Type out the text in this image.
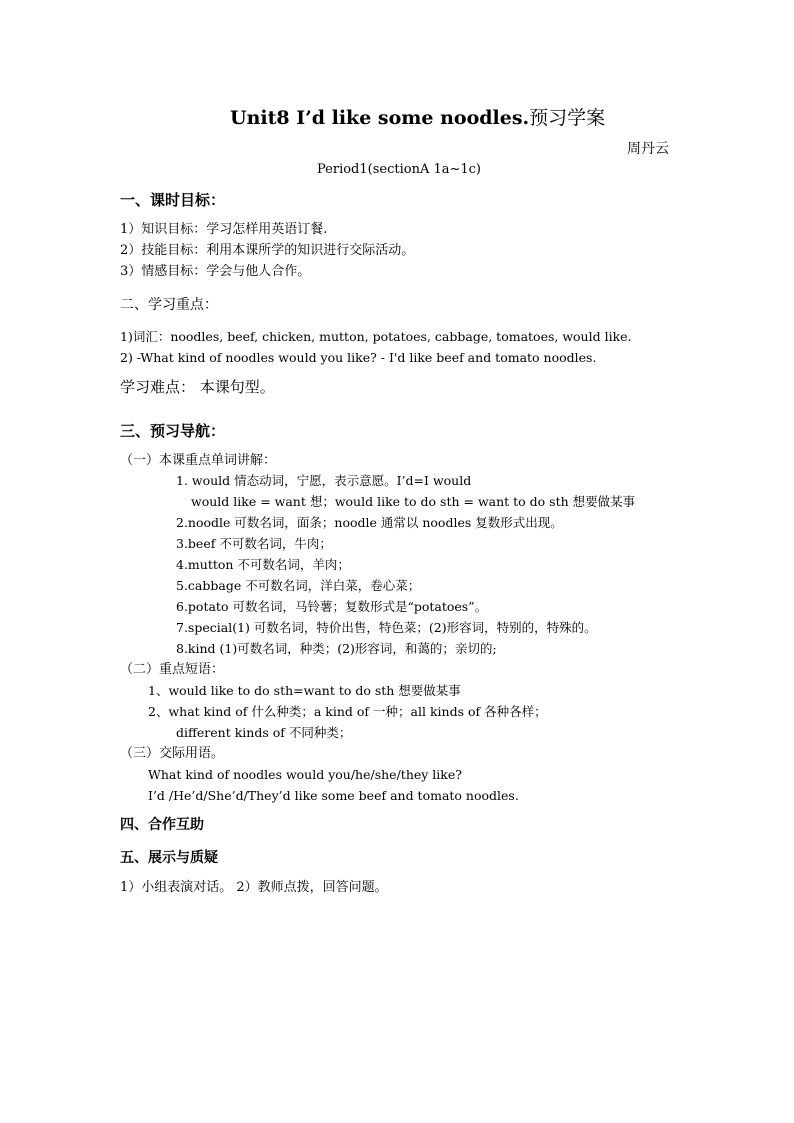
Unit8 I’d like some noodles.预习学案
周丹云
Period1(sectionA 1a~1c)
一、课时目标：
1）知识目标：学习怎样用英语订餐.
2）技能目标：利用本课所学的知识进行交际活动。
3）情感目标：学会与他人合作。
二、学习重点：
1)词汇：noodles, beef, chicken, mutton, potatoes, cabbage, tomatoes, would like.
2) -What kind of noodles would you like? - I'd like beef and tomato noodles.
学习难点： 本课句型。
三、预习导航：
（一）本课重点单词讲解：
1. would 情态动词，宁愿，表示意愿。I’d=I would
would like = want 想；would like to do sth = want to do sth 想要做某事
2.noodle 可数名词，面条；noodle 通常以 noodles 复数形式出现。
3.beef 不可数名词，牛肉；
4.mutton 不可数名词，羊肉；
5.cabbage 不可数名词，洋白菜，卷心菜；
6.potato 可数名词，马铃薯；复数形式是“potatoes”。
7.special(1) 可数名词，特价出售，特色菜；(2)形容词，特别的，特殊的。
8.kind (1)可数名词，种类；(2)形容词，和蔼的；亲切的;
（二）重点短语：
1、would like to do sth=want to do sth 想要做某事
2、what kind of 什么种类；a kind of 一种；all kinds of 各种各样；
different kinds of 不同种类；
（三）交际用语。
What kind of noodles would you/he/she/they like?
I’d /He’d/She’d/They’d like some beef and tomato noodles.
四、合作互助
五、展示与质疑
1）小组表演对话。 2）教师点拨，回答问题。
